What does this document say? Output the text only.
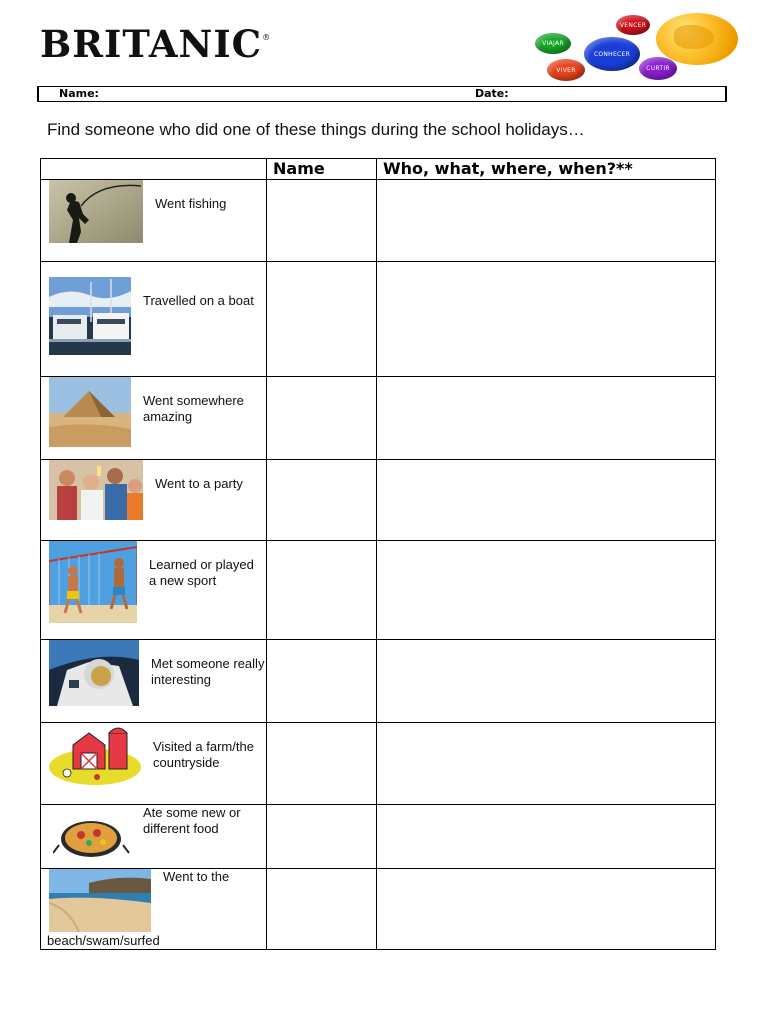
BRITANIC®
VENCER
VIAJAR
CONHECER
VIVER	CURTIR
Name:	Date:
Find someone who did one of these things during the school holidays…
	Name	Who, what, where, when?**

Went fishing		

Travelled on a boat		

Went somewhere amazing		

Went to a party		

Learned or played a new sport		

Met someone really interesting		

Visited a farm/the countryside		

Ate some new or different food		

Went to the
beach/swam/surfed		
